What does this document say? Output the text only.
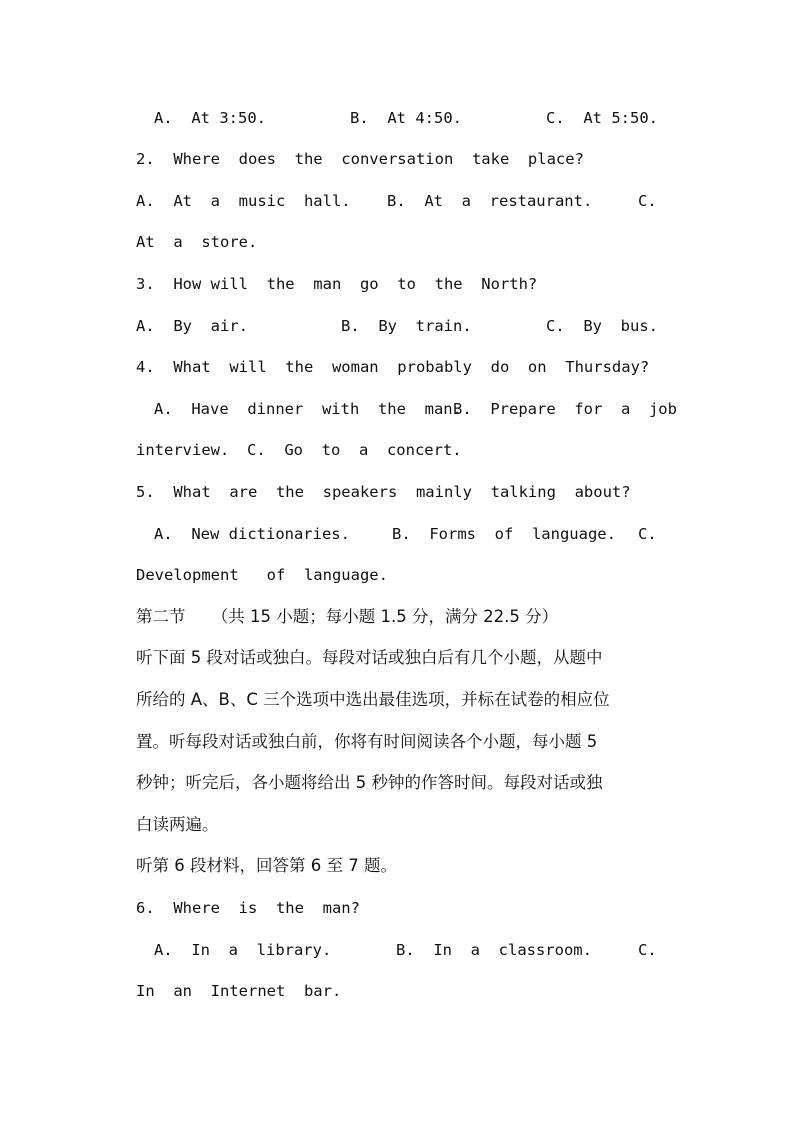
A.  At 3:50.

	B.  At 4:50.

	C.  At 5:50.

2.  Where  does  the  conversation  take  place?

A.  At  a  music  hall.

B.  At  a  restaurant.

	C.

At  a  store.

3.  How will  the  man  go  to  the  North?

A.  By  air.

	B.  By  train.

	C.  By  bus.

4.  What  will  the  woman  probably  do  on  Thursday?

A.  Have  dinner  with  the  man.

B.  Prepare  for  a  job

interview.

C.  Go  to  a  concert.

5.  What  are  the  speakers  mainly  talking  about?

A.  New dictionaries.

	B.  Forms  of  language.

C.

Development   of  language.

第二节     （共 15 小题；每小题 1.5 分，满分 22.5 分）

听下面 5 段对话或独白。每段对话或独白后有几个小题，从题中

所给的 A、B、C 三个选项中选出最佳选项，并标在试卷的相应位

置。听每段对话或独白前，你将有时间阅读各个小题，每小题 5

秒钟；听完后，各小题将给出 5 秒钟的作答时间。每段对话或独

白读两遍。

听第 6 段材料，回答第 6 至 7 题。

6.  Where  is  the  man?

A.  In  a  library.

	B.  In  a  classroom.

	C.

In  an  Internet  bar.
